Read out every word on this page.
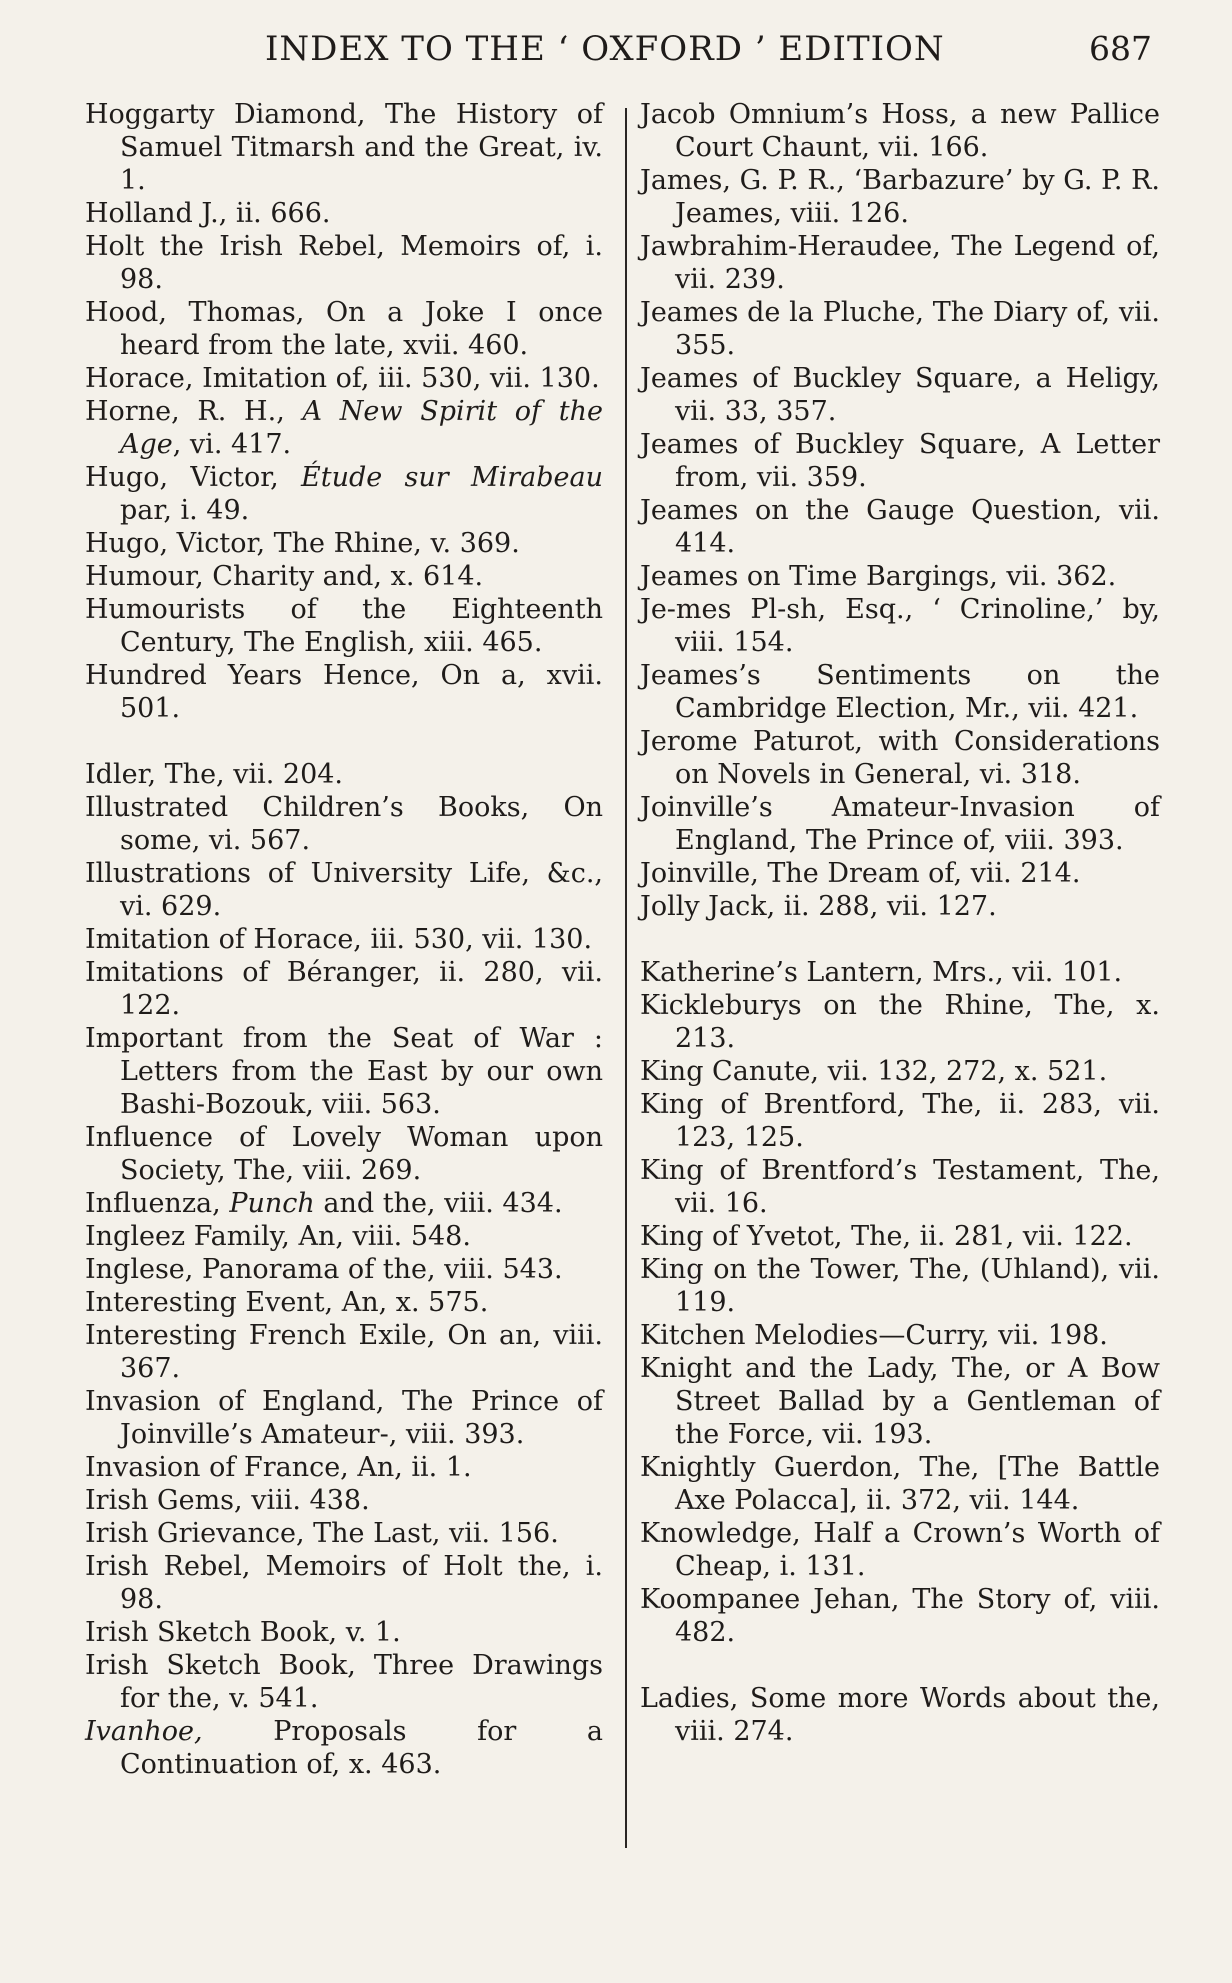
INDEX TO THE ‘ OXFORD ’ EDITION	687
Hoggarty Diamond, The History of Samuel Titmarsh and the Great, iv. 1.
Holland J., ii. 666.
Holt the Irish Rebel, Memoirs of, i. 98.
Hood, Thomas, On a Joke I once heard from the late, xvii. 460.
Horace, Imitation of, iii. 530, vii. 130.
Horne, R. H., A New Spirit of the Age, vi. 417.
Hugo, Victor, Étude sur Mirabeau par, i. 49.
Hugo, Victor, The Rhine, v. 369.
Humour, Charity and, x. 614.
Humourists of the Eighteenth Century, The English, xiii. 465.
Hundred Years Hence, On a, xvii. 501.
Idler, The, vii. 204.
Illustrated Children’s Books, On some, vi. 567.
Illustrations of University Life, &c., vi. 629.
Imitation of Horace, iii. 530, vii. 130.
Imitations of Béranger, ii. 280, vii. 122.
Important from the Seat of War : Letters from the East by our own Bashi-Bozouk, viii. 563.
Influence of Lovely Woman upon Society, The, viii. 269.
Influenza, Punch and the, viii. 434.
Ingleez Family, An, viii. 548.
Inglese, Panorama of the, viii. 543.
Interesting Event, An, x. 575.
Interesting French Exile, On an, viii. 367.
Invasion of England, The Prince of Joinville’s Amateur-, viii. 393.
Invasion of France, An, ii. 1.
Irish Gems, viii. 438.
Irish Grievance, The Last, vii. 156.
Irish Rebel, Memoirs of Holt the, i. 98.
Irish Sketch Book, v. 1.
Irish Sketch Book, Three Drawings for the, v. 541.
Ivanhoe, Proposals for a Continuation of, x. 463.
Jacob Omnium’s Hoss, a new Pallice Court Chaunt, vii. 166.
James, G. P. R., ‘Barbazure’ by G. P. R. Jeames, viii. 126.
Jawbrahim-Heraudee, The Legend of, vii. 239.
Jeames de la Pluche, The Diary of, vii. 355.
Jeames of Buckley Square, a Heligy, vii. 33, 357.
Jeames of Buckley Square, A Letter from, vii. 359.
Jeames on the Gauge Question, vii. 414.
Jeames on Time Bargings, vii. 362.
Je-mes Pl-sh, Esq., ‘ Crinoline,’ by, viii. 154.
Jeames’s Sentiments on the Cambridge Election, Mr., vii. 421.
Jerome Paturot, with Considerations on Novels in General, vi. 318.
Joinville’s Amateur-Invasion of England, The Prince of, viii. 393.
Joinville, The Dream of, vii. 214.
Jolly Jack, ii. 288, vii. 127.
Katherine’s Lantern, Mrs., vii. 101.
Kickleburys on the Rhine, The, x. 213.
King Canute, vii. 132, 272, x. 521.
King of Brentford, The, ii. 283, vii. 123, 125.
King of Brentford’s Testament, The, vii. 16.
King of Yvetot, The, ii. 281, vii. 122.
King on the Tower, The, (Uhland), vii. 119.
Kitchen Melodies—Curry, vii. 198.
Knight and the Lady, The, or A Bow Street Ballad by a Gentleman of the Force, vii. 193.
Knightly Guerdon, The, [The Battle Axe Polacca], ii. 372, vii. 144.
Knowledge, Half a Crown’s Worth of Cheap, i. 131.
Koompanee Jehan, The Story of, viii. 482.
Ladies, Some more Words about the, viii. 274.
